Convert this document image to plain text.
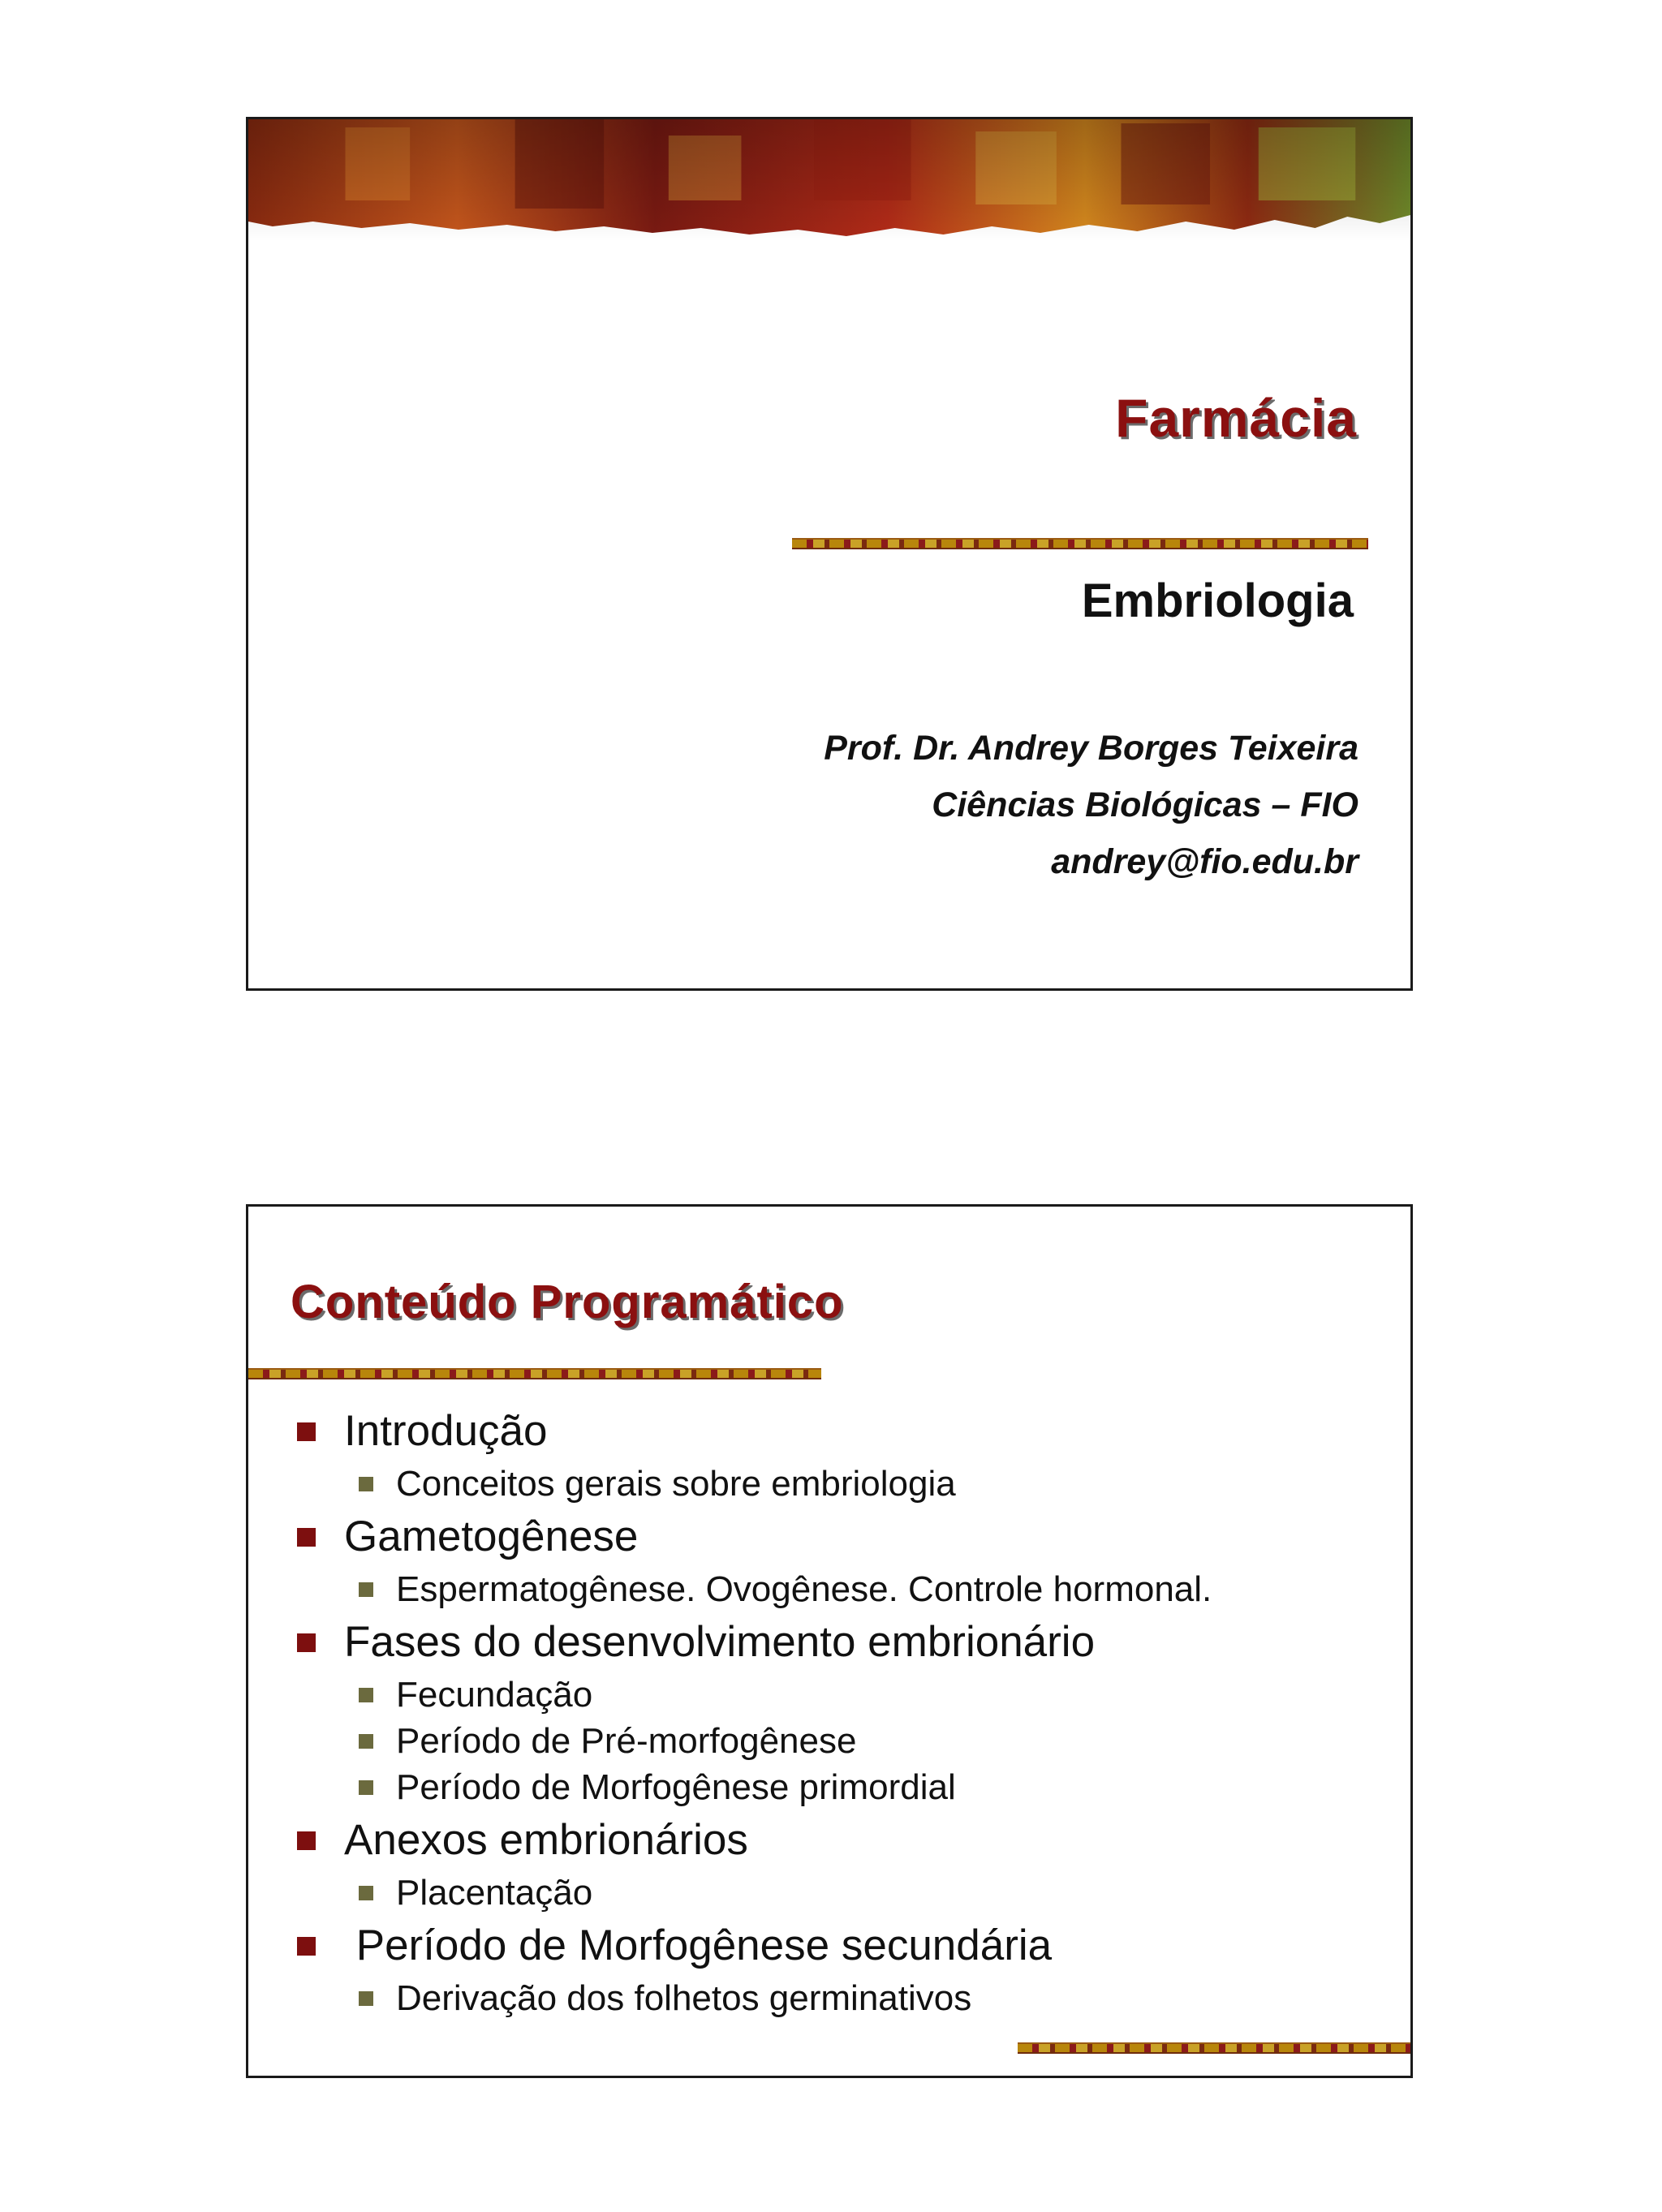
Farmácia
Embriologia
Prof. Dr. Andrey Borges Teixeira
Ciências Biológicas – FIO
andrey@fio.edu.br
Conteúdo Programático
Introdução
Conceitos gerais sobre embriologia
Gametogênese
Espermatogênese. Ovogênese. Controle hormonal.
Fases do desenvolvimento embrionário
Fecundação
Período de Pré-morfogênese
Período de Morfogênese primordial
Anexos embrionários
Placentação
Período de Morfogênese secundária
Derivação dos folhetos germinativos
